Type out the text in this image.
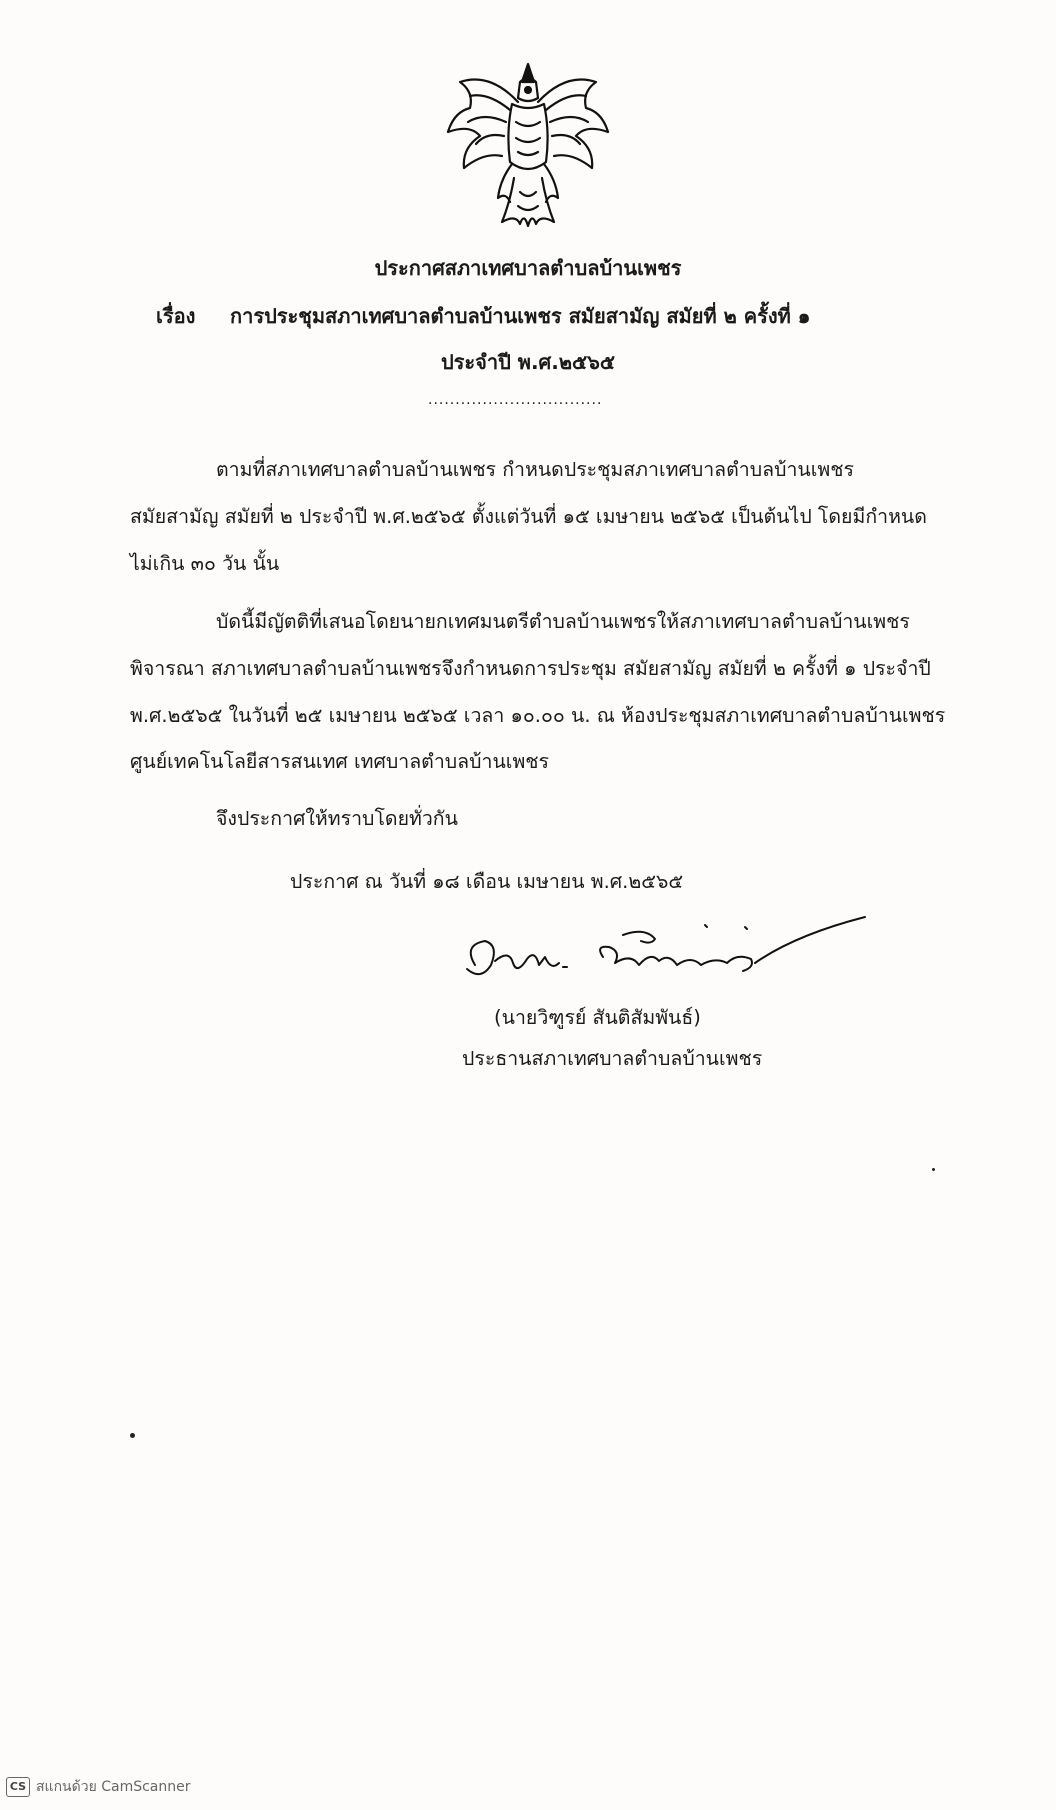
ประกาศสภาเทศบาลตำบลบ้านเพชร
เรื่อง การประชุมสภาเทศบาลตำบลบ้านเพชร สมัยสามัญ สมัยที่ ๒ ครั้งที่ ๑
ประจำปี พ.ศ.๒๕๖๕
................................
ตามที่สภาเทศบาลตำบลบ้านเพชร กำหนดประชุมสภาเทศบาลตำบลบ้านเพชร
สมัยสามัญ สมัยที่ ๒ ประจำปี พ.ศ.๒๕๖๕ ตั้งแต่วันที่ ๑๕ เมษายน ๒๕๖๕ เป็นต้นไป โดยมีกำหนด
ไม่เกิน ๓๐ วัน นั้น
บัดนี้มีญัตติที่เสนอโดยนายกเทศมนตรีตำบลบ้านเพชรให้สภาเทศบาลตำบลบ้านเพชร
พิจารณา สภาเทศบาลตำบลบ้านเพชรจึงกำหนดการประชุม สมัยสามัญ สมัยที่ ๒ ครั้งที่ ๑ ประจำปี
พ.ศ.๒๕๖๕ ในวันที่ ๒๕ เมษายน ๒๕๖๕ เวลา ๑๐.๐๐ น. ณ ห้องประชุมสภาเทศบาลตำบลบ้านเพชร
ศูนย์เทคโนโลยีสารสนเทศ เทศบาลตำบลบ้านเพชร
จึงประกาศให้ทราบโดยทั่วกัน
ประกาศ ณ วันที่ ๑๘ เดือน เมษายน พ.ศ.๒๕๖๕
(นายวิฑูรย์ สันติสัมพันธ์)
ประธานสภาเทศบาลตำบลบ้านเพชร
CS สแกนด้วย CamScanner
